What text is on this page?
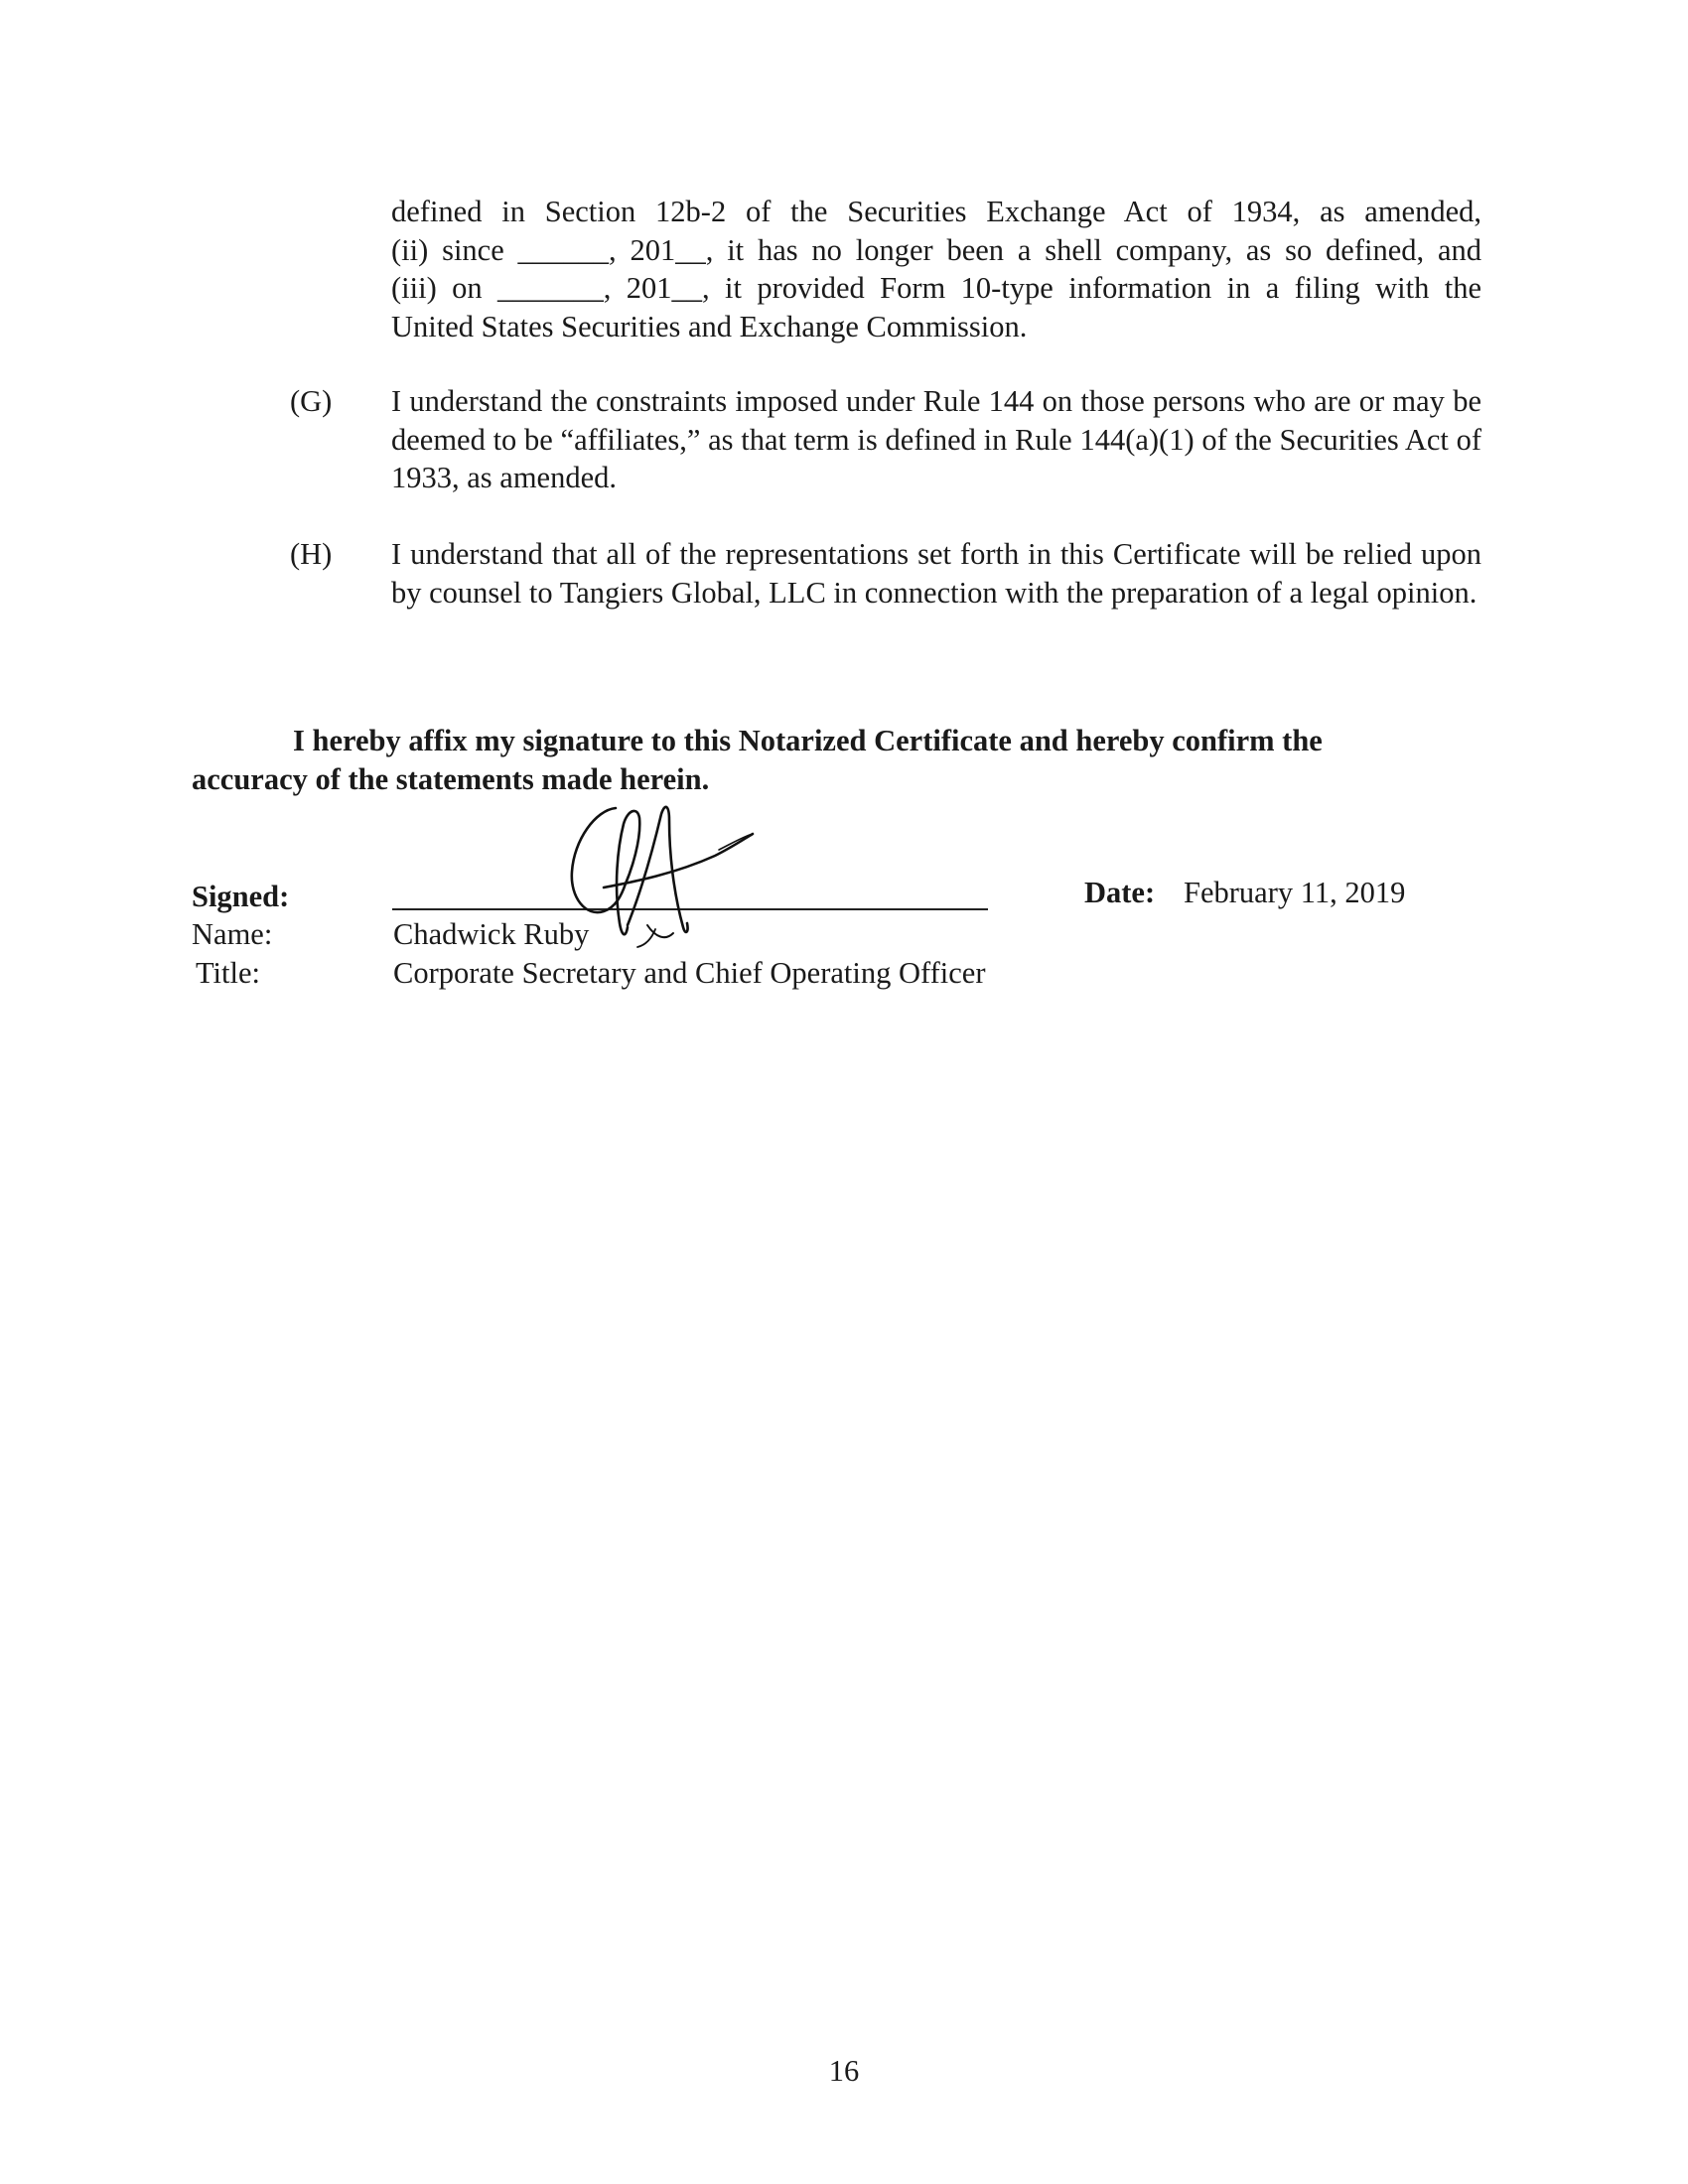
defined in Section 12b-2 of the Securities Exchange Act of 1934, as amended,
(ii) since ______, 201__, it has no longer been a shell company, as so defined, and
(iii) on _______, 201__, it provided Form 10-type information in a filing with the
United States Securities and Exchange Commission.
(G) I understand the constraints imposed under Rule 144 on those persons who are or may be deemed to be “affiliates,” as that term is defined in Rule 144(a)(1) of the Securities Act of 1933, as amended.
(H) I understand that all of the representations set forth in this Certificate will be relied upon by counsel to Tangiers Global, LLC in connection with the preparation of a legal opinion.
I hereby affix my signature to this Notarized Certificate and hereby confirm the
accuracy of the statements made herein.
Signed:
Name:
Title:
Chadwick Ruby
Corporate Secretary and Chief Operating Officer
Date: February 11, 2019
16
